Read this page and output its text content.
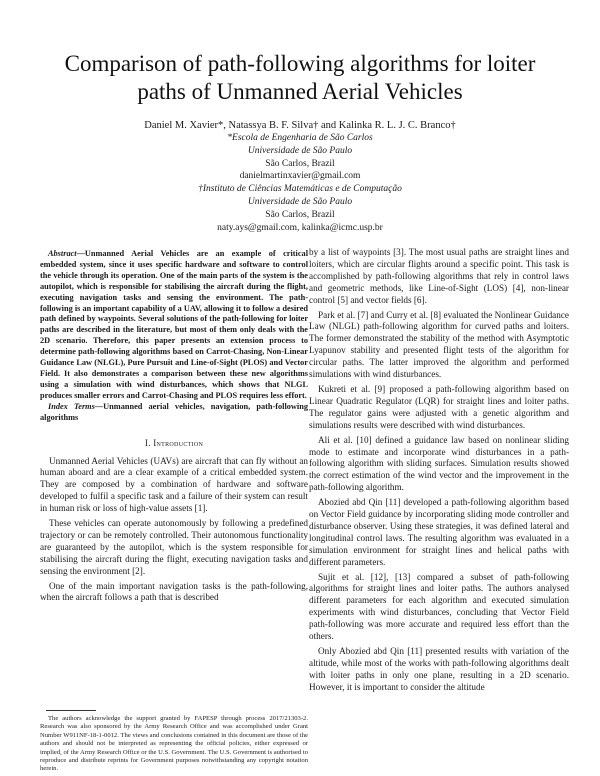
Comparison of path-following algorithms for loiter paths of Unmanned Aerial Vehicles
Daniel M. Xavier*, Natassya B. F. Silva† and Kalinka R. L. J. C. Branco†
*Escola de Engenharia de São Carlos
Universidade de São Paulo
São Carlos, Brazil
danielmartinxavier@gmail.com
†Instituto de Ciências Matemáticas e de Computação
Universidade de São Paulo
São Carlos, Brazil
naty.ays@gmail.com, kalinka@icmc.usp.br

Abstract—Unmanned Aerial Vehicles are an example of critical embedded system, since it uses specific hardware and software to control the vehicle through its operation. One of the main parts of the system is the autopilot, which is responsible for stabilising the aircraft during the flight, executing navigation tasks and sensing the environment. The path-following is an important capability of a UAV, allowing it to follow a desired path defined by waypoints. Several solutions of the path-following for loiter paths are described in the literature, but most of them only deals with the 2D scenario. Therefore, this paper presents an extension process to determine path-following algorithms based on Carrot-Chasing, Non-Linear Guidance Law (NLGL), Pure Pursuit and Line-of-Sight (PLOS) and Vector Field. It also demonstrates a comparison between these new algorithms using a simulation with wind disturbances, which shows that NLGL produces smaller errors and Carrot-Chasing and PLOS requires less effort.

Index Terms—Unmanned aerial vehicles, navigation, path-following algorithms

I. Introduction

Unmanned Aerial Vehicles (UAVs) are aircraft that can fly without an human aboard and are a clear example of a critical embedded system. They are composed by a combination of hardware and software developed to fulfil a specific task and a failure of their system can result in human risk or loss of high-value assets [1].

These vehicles can operate autonomously by following a predefined trajectory or can be remotely controlled. Their autonomous functionality are guaranteed by the autopilot, which is the system responsible for stabilising the aircraft during the flight, executing navigation tasks and sensing the environment [2].

One of the main important navigation tasks is the path-following, when the aircraft follows a path that is described

The authors acknowledge the support granted by FAPESP through process 2017/21303-2. Research was also sponsored by the Army Research Office and was accomplished under Grant Number W911NF-18-1-0012. The views and conclusions contained in this document are those of the authors and should not be interpreted as representing the official policies, either expressed or implied, of the Army Research Office or the U.S. Government. The U.S. Government is authorised to reproduce and distribute reprints for Government purposes notwithstanding any copyright notation herein.

by a list of waypoints [3]. The most usual paths are straight lines and loiters, which are circular flights around a specific point. This task is accomplished by path-following algorithms that rely in control laws and geometric methods, like Line-of-Sight (LOS) [4], non-linear control [5] and vector fields [6].

Park et al. [7] and Curry et al. [8] evaluated the Nonlinear Guidance Law (NLGL) path-following algorithm for curved paths and loiters. The former demonstrated the stability of the method with Asymptotic Lyapunov stability and presented flight tests of the algorithm for circular paths. The latter improved the algorithm and performed simulations with wind disturbances.

Kukreti et al. [9] proposed a path-following algorithm based on Linear Quadratic Regulator (LQR) for straight lines and loiter paths. The regulator gains were adjusted with a genetic algorithm and simulations results were described with wind disturbances.

Ali et al. [10] defined a guidance law based on nonlinear sliding mode to estimate and incorporate wind disturbances in a path-following algorithm with sliding surfaces. Simulation results showed the correct estimation of the wind vector and the improvement in the path-following algorithm.

Abozied abd Qin [11] developed a path-following algorithm based on Vector Field guidance by incorporating sliding mode controller and disturbance observer. Using these strategies, it was defined lateral and longitudinal control laws. The resulting algorithm was evaluated in a simulation environment for straight lines and helical paths with different parameters.

Sujit et al. [12], [13] compared a subset of path-following algorithms for straight lines and loiter paths. The authors analysed different parameters for each algorithm and executed simulation experiments with wind disturbances, concluding that Vector Field path-following was more accurate and required less effort than the others.

Only Abozied abd Qin [11] presented results with variation of the altitude, while most of the works with path-following algorithms dealt with loiter paths in only one plane, resulting in a 2D scenario. However, it is important to consider the altitude
